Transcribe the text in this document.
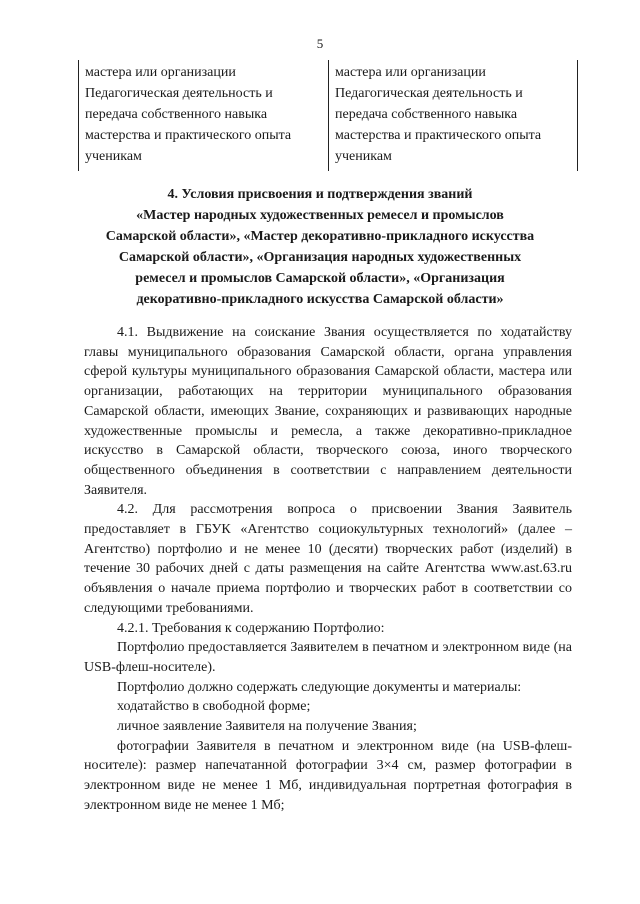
5
мастера или организации
Педагогическая деятельность и
передача собственного навыка
мастерства и практического опыта
ученикам

мастера или организации
Педагогическая деятельность и
передача собственного навыка
мастерства и практического опыта
ученикам
4. Условия присвоения и подтверждения званий
«Мастер народных художественных ремесел и промыслов
Самарской области», «Мастер декоративно-прикладного искусства
Самарской области», «Организация народных художественных
ремесел и промыслов Самарской области», «Организация
декоративно-прикладного искусства Самарской области»

4.1. Выдвижение на соискание Звания осуществляется по ходатайству главы муниципального образования Самарской области, органа управления сферой культуры муниципального образования Самарской области, мастера или организации, работающих на территории муниципального образования Самарской области, имеющих Звание, сохраняющих и развивающих народные художественные промыслы и ремесла, а также декоративно-прикладное искусство в Самарской области, творческого союза, иного творческого общественного объединения в соответствии с направлением деятельности Заявителя.

4.2. Для рассмотрения вопроса о присвоении Звания Заявитель предоставляет в ГБУК «Агентство социокультурных технологий» (далее – Агентство) портфолио и не менее 10 (десяти) творческих работ (изделий) в течение 30 рабочих дней с даты размещения на сайте Агентства www.ast.63.ru объявления о начале приема портфолио и творческих работ в соответствии со следующими требованиями.

4.2.1. Требования к содержанию Портфолио:

Портфолио предоставляется Заявителем в печатном и электронном виде (на USB-флеш-носителе).

Портфолио должно содержать следующие документы и материалы:

ходатайство в свободной форме;

личное заявление Заявителя на получение Звания;

фотографии Заявителя в печатном и электронном виде (на USB-флеш-носителе): размер напечатанной фотографии 3×4 см, размер фотографии в электронном виде не менее 1 Мб, индивидуальная портретная фотография в электронном виде не менее 1 Мб;
